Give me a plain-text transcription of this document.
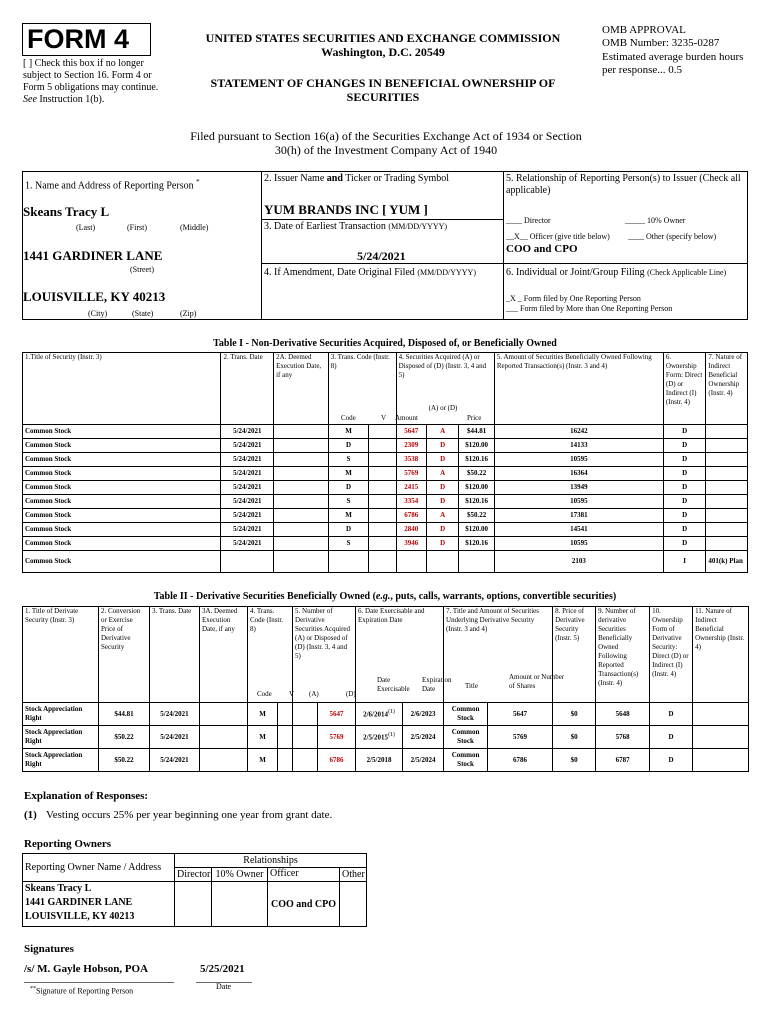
FORM 4
[ ] Check this box if no longer subject to Section 16. Form 4 or Form 5 obligations may continue. See Instruction 1(b).
UNITED STATES SECURITIES AND EXCHANGE COMMISSION
Washington, D.C. 20549
STATEMENT OF CHANGES IN BENEFICIAL OWNERSHIP OF SECURITIES
OMB APPROVAL
OMB Number: 3235-0287
Estimated average burden hours per response... 0.5
Filed pursuant to Section 16(a) of the Securities Exchange Act of 1934 or Section 30(h) of the Investment Company Act of 1940
1. Name and Address of Reporting Person *
Skeans Tracy L
(Last)	(First)	(Middle)
1441 GARDINER LANE
(Street)
LOUISVILLE, KY 40213
(City)	(State)	(Zip)
2. Issuer Name and Ticker or Trading Symbol
YUM BRANDS INC [ YUM ]
3. Date of Earliest Transaction (MM/DD/YYYY)
5/24/2021
4. If Amendment, Date Original Filed (MM/DD/YYYY)
5. Relationship of Reporting Person(s) to Issuer (Check all applicable)
____ Director	_____ 10% Owner
__X__ Officer (give title below) ____ Other (specify below)
COO and CPO
6. Individual or Joint/Group Filing (Check Applicable Line)
_X _ Form filed by One Reporting Person
___ Form filed by More than One Reporting Person
Table I - Non-Derivative Securities Acquired, Disposed of, or Beneficially Owned
1.Title of Security (Instr. 3)	2. Trans. Date	2A. Deemed Execution Date, if any	3. Trans. Code (Instr. 8)		4. Securities Acquired (A) or Disposed of (D) (Instr. 3, 4 and 5)			5. Amount of Securities Beneficially Owned Following Reported Transaction(s) (Instr. 3 and 4)	6. Ownership Form: Direct (D) or Indirect (I) (Instr. 4)	7. Nature of Indirect Beneficial Ownership (Instr. 4)

Common Stock	5/24/2021		M		5647	A	$44.81	16242	D	
Common Stock	5/24/2021		D		2309	D	$120.00	14133	D	
Common Stock	5/24/2021		S		3538	D	$120.16	10595	D	
Common Stock	5/24/2021		M		5769	A	$50.22	16364	D	
Common Stock	5/24/2021		D		2415	D	$120.00	13949	D	
Common Stock	5/24/2021		S		3354	D	$120.16	10595	D	
Common Stock	5/24/2021		M		6786	A	$50.22	17381	D	
Common Stock	5/24/2021		D		2840	D	$120.00	14541	D	
Common Stock	5/24/2021		S		3946	D	$120.16	10595	D	
Common Stock								2103	I	401(k) Plan
Code	V Amount
(A) or (D)
Price
Table II - Derivative Securities Beneficially Owned (e.g., puts, calls, warrants, options, convertible securities)
1. Title of Derivate Security (Instr. 3)	2. Conversion or Exercise Price of Derivative Security	3. Trans. Date	3A. Deemed Execution Date, if any	4. Trans. Code (Instr. 8)		5. Number of Derivative Securities Acquired (A) or Disposed of (D) (Instr. 3, 4 and 5)		6. Date Exercisable and Expiration Date		7. Title and Amount of Securities Underlying Derivative Security (Instr. 3 and 4)		8. Price of Derivative Security (Instr. 5)	9. Number of derivative Securities Beneficially Owned Following Reported Transaction(s) (Instr. 4)	10. Ownership Form of Derivative Security: Direct (D) or Indirect (I) (Instr. 4)	11. Nature of Indirect Beneficial Ownership (Instr. 4)
Stock Appreciation Right	$44.81	5/24/2021		M			5647	2/6/2014$^{(1)}$	2/6/2023	Common Stock	5647	$0	5648	D	
Stock Appreciation Right	$50.22	5/24/2021		M			5769	2/5/2015$^{(1)}$	2/5/2024	Common Stock	5769	$0	5768	D	
Stock Appreciation Right	$50.22	5/24/2021		M			6786	2/5/2018	2/5/2024	Common Stock	6786	$0	6787	D	
Code V (A)	(D)
Date Exercisable
Expiration Date	Title
Amount or Number of Shares
Explanation of Responses:
(1) Vesting occurs 25% per year beginning one year from grant date.
Reporting Owners
Reporting Owner Name / Address	Relationships			
	Director	10% Owner	Officer	Other

Skeans Tracy L
1441 GARDINER LANE
LOUISVILLE, KY 40213			COO and CPO	
Signatures
/s/ M. Gayle Hobson, POA	5/25/2021
**Signature of Reporting Person
Date
